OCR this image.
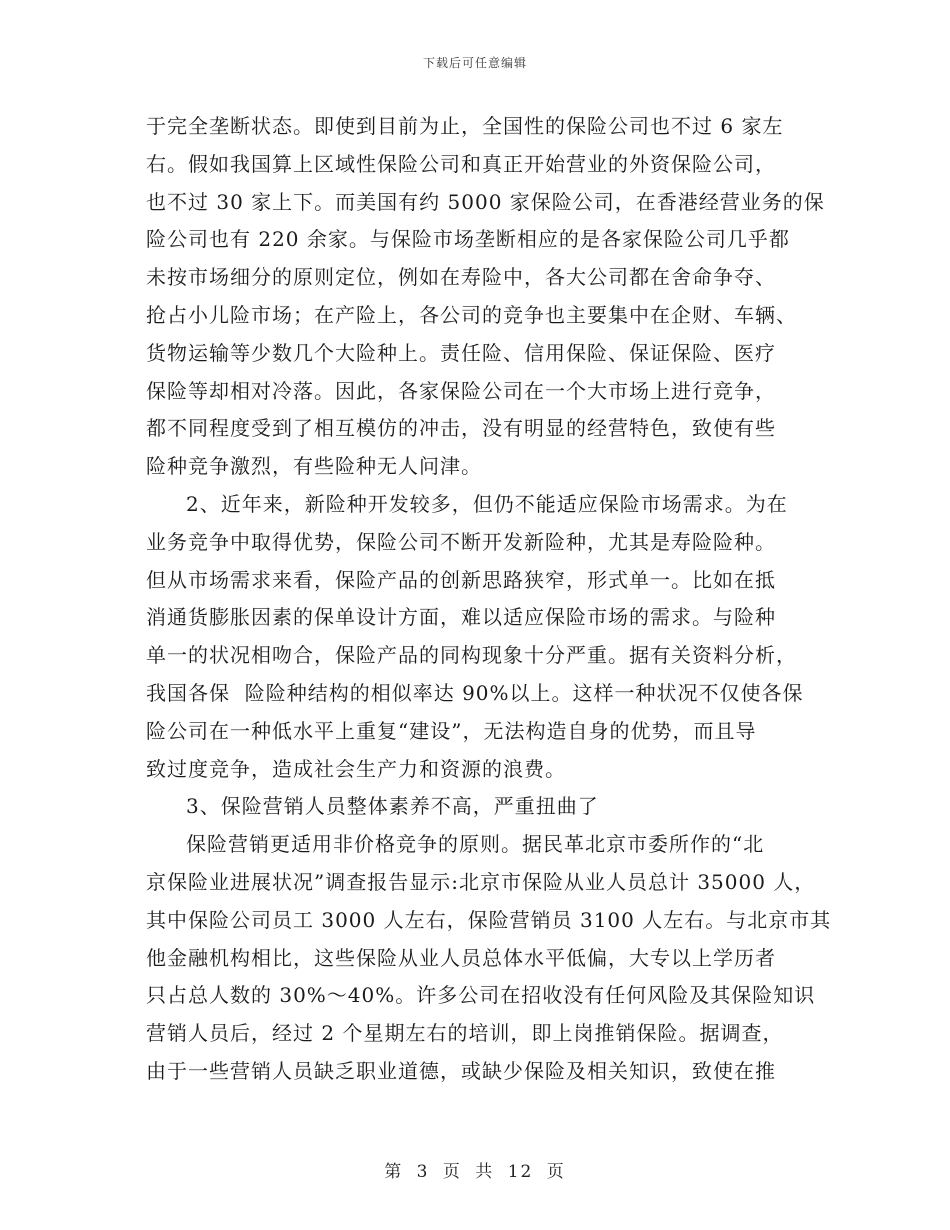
下载后可任意编辑

于完全垄断状态。即使到目前为止，全国性的保险公司也不过 6 家左
右。假如我国算上区域性保险公司和真正开始营业的外资保险公司，
也不过 30 家上下。而美国有约 5000 家保险公司，在香港经营业务的保
险公司也有 220 余家。与保险市场垄断相应的是各家保险公司几乎都
未按市场细分的原则定位，例如在寿险中，各大公司都在舍命争夺、
抢占小儿险市场；在产险上，各公司的竞争也主要集中在企财、车辆、
货物运输等少数几个大险种上。责任险、信用保险、保证保险、医疗
保险等却相对冷落。因此，各家保险公司在一个大市场上进行竞争，
都不同程度受到了相互模仿的冲击，没有明显的经营特色，致使有些
险种竞争激烈，有些险种无人问津。

2、近年来，新险种开发较多，但仍不能适应保险市场需求。为在
业务竞争中取得优势，保险公司不断开发新险种，尤其是寿险险种。
但从市场需求来看，保险产品的创新思路狭窄，形式单一。比如在抵
消通货膨胀因素的保单设计方面，难以适应保险市场的需求。与险种
单一的状况相吻合，保险产品的同构现象十分严重。据有关资料分析，
我国各保  险险种结构的相似率达 90%以上。这样一种状况不仅使各保
险公司在一种低水平上重复“建设”，无法构造自身的优势，而且导
致过度竞争，造成社会生产力和资源的浪费。

3、保险营销人员整体素养不高，严重扭曲了

保险营销更适用非价格竞争的原则。据民革北京市委所作的“北
京保险业进展状况”调查报告显示:北京市保险从业人员总计 35000 人，
其中保险公司员工 3000 人左右，保险营销员 3100 人左右。与北京市其
他金融机构相比，这些保险从业人员总体水平低偏，大专以上学历者
只占总人数的 30%～40%。许多公司在招收没有任何风险及其保险知识
营销人员后，经过 2 个星期左右的培训，即上岗推销保险。据调查，
由于一些营销人员缺乏职业道德，或缺少保险及相关知识，致使在推

第 3 页 共 12 页
